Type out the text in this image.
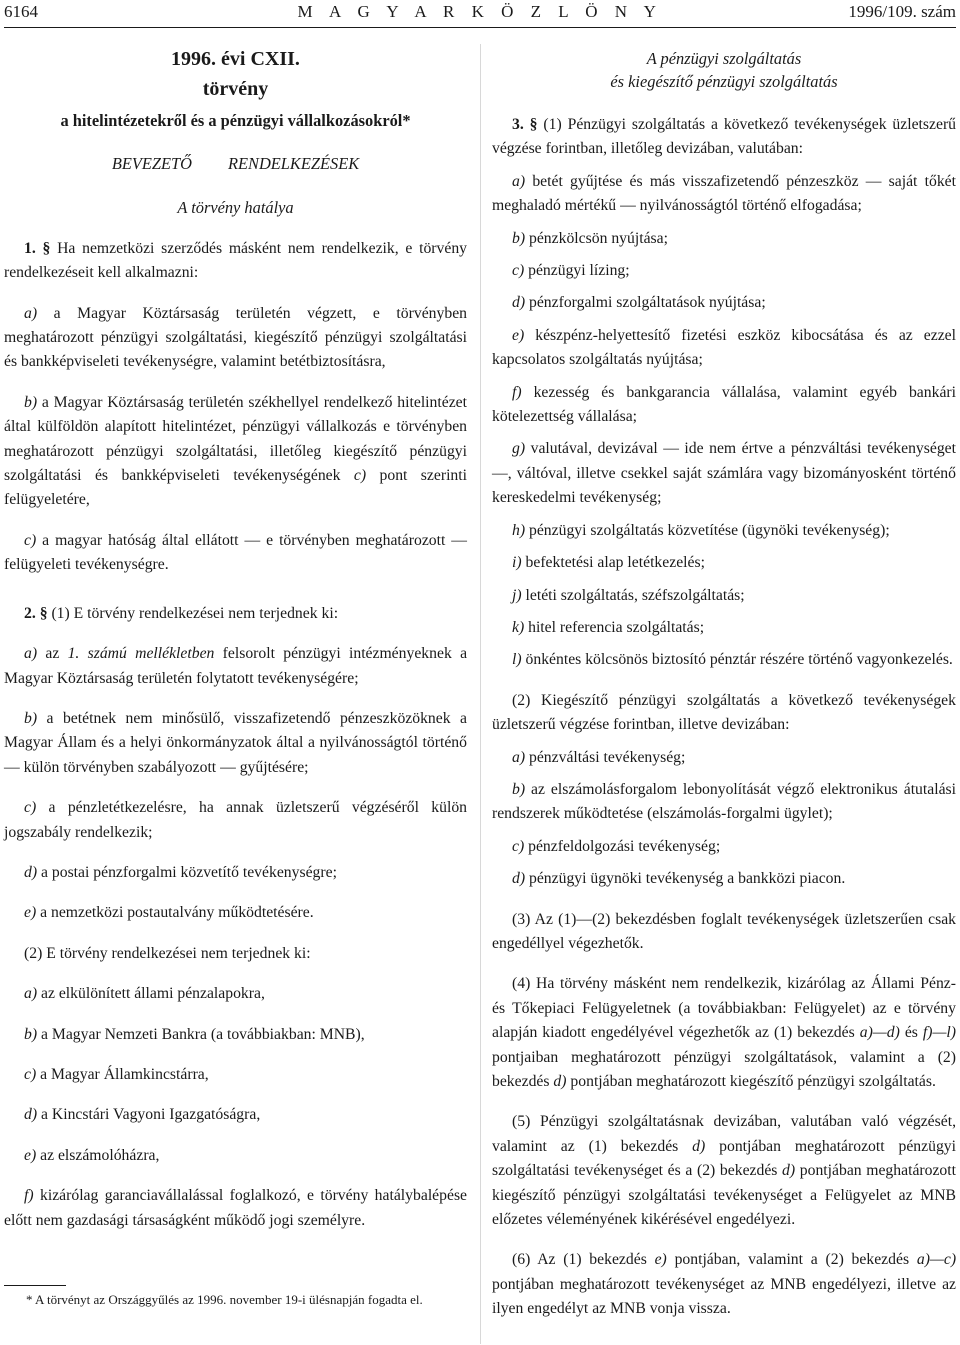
6164	M A G Y A R K Ö Z L Ö N Y	1996/109. szám
1996. évi CXII.
törvény
a hitelintézetekről és a pénzügyi vállalkozásokról*
BEVEZETŐ RENDELKEZÉSEK
A törvény hatálya

1. § Ha nemzetközi szerződés másként nem rendelkezik, e törvény rendelkezéseit kell alkalmazni:

a) a Magyar Köztársaság területén végzett, e törvényben meghatározott pénzügyi szolgáltatási, kiegészítő pénzügyi szolgáltatási és bankképviseleti tevékenységre, valamint betétbiztosításra,

b) a Magyar Köztársaság területén székhellyel rendelkező hitelintézet által külföldön alapított hitelintézet, pénzügyi vállalkozás e törvényben meghatározott pénzügyi szolgáltatási, illetőleg kiegészítő pénzügyi szolgáltatási és bankképviseleti tevékenységének c) pont szerinti felügyeletére,

c) a magyar hatóság által ellátott — e törvényben meghatározott — felügyeleti tevékenységre.

2. § (1) E törvény rendelkezései nem terjednek ki:

a) az 1. számú mellékletben felsorolt pénzügyi intézményeknek a Magyar Köztársaság területén folytatott tevékenységére;

b) a betétnek nem minősülő, visszafizetendő pénzeszközöknek a Magyar Állam és a helyi önkormányzatok által a nyilvánosságtól történő — külön törvényben szabályozott — gyűjtésére;

c) a pénzletétkezelésre, ha annak üzletszerű végzéséről külön jogszabály rendelkezik;

d) a postai pénzforgalmi közvetítő tevékenységre;

e) a nemzetközi postautalvány működtetésére.

(2) E törvény rendelkezései nem terjednek ki:

a) az elkülönített állami pénzalapokra,

b) a Magyar Nemzeti Bankra (a továbbiakban: MNB),

c) a Magyar Államkincstárra,

d) a Kincstári Vagyoni Igazgatóságra,

e) az elszámolóházra,

f) kizárólag garanciavállalással foglalkozó, e törvény hatálybalépése előtt nem gazdasági társaságként működő jogi személyre.

* A törvényt az Országgyűlés az 1996. november 19-i ülésnapján fogadta el.

A pénzügyi szolgáltatás
és kiegészítő pénzügyi szolgáltatás

3. § (1) Pénzügyi szolgáltatás a következő tevékenységek üzletszerű végzése forintban, illetőleg devizában, valutában:

a) betét gyűjtése és más visszafizetendő pénzeszköz — saját tőkét meghaladó mértékű — nyilvánosságtól történő elfogadása;

b) pénzkölcsön nyújtása;

c) pénzügyi lízing;

d) pénzforgalmi szolgáltatások nyújtása;

e) készpénz-helyettesítő fizetési eszköz kibocsátása és az ezzel kapcsolatos szolgáltatás nyújtása;

f) kezesség és bankgarancia vállalása, valamint egyéb bankári kötelezettség vállalása;

g) valutával, devizával — ide nem értve a pénzváltási tevékenységet —, váltóval, illetve csekkel saját számlára vagy bizományosként történő kereskedelmi tevékenység;

h) pénzügyi szolgáltatás közvetítése (ügynöki tevékenység);

i) befektetési alap letétkezelés;

j) letéti szolgáltatás, széfszolgáltatás;

k) hitel referencia szolgáltatás;

l) önkéntes kölcsönös biztosító pénztár részére történő vagyonkezelés.

(2) Kiegészítő pénzügyi szolgáltatás a következő tevékenységek üzletszerű végzése forintban, illetve devizában:

a) pénzváltási tevékenység;

b) az elszámolásforgalom lebonyolítását végző elektronikus átutalási rendszerek működtetése (elszámolás-forgalmi ügylet);

c) pénzfeldolgozási tevékenység;

d) pénzügyi ügynöki tevékenység a bankközi piacon.

(3) Az (1)—(2) bekezdésben foglalt tevékenységek üzletszerűen csak engedéllyel végezhetők.

(4) Ha törvény másként nem rendelkezik, kizárólag az Állami Pénz- és Tőkepiaci Felügyeletnek (a továbbiakban: Felügyelet) az e törvény alapján kiadott engedélyével végezhetők az (1) bekezdés a)—d) és f)—l) pontjaiban meghatározott pénzügyi szolgáltatások, valamint a (2) bekezdés d) pontjában meghatározott kiegészítő pénzügyi szolgáltatás.

(5) Pénzügyi szolgáltatásnak devizában, valutában való végzését, valamint az (1) bekezdés d) pontjában meghatározott pénzügyi szolgáltatási tevékenységet és a (2) bekezdés d) pontjában meghatározott kiegészítő pénzügyi szolgáltatási tevékenységet a Felügyelet az MNB előzetes véleményének kikérésével engedélyezi.

(6) Az (1) bekezdés e) pontjában, valamint a (2) bekezdés a)—c) pontjában meghatározott tevékenységet az MNB engedélyezi, illetve az ilyen engedélyt az MNB vonja vissza.
